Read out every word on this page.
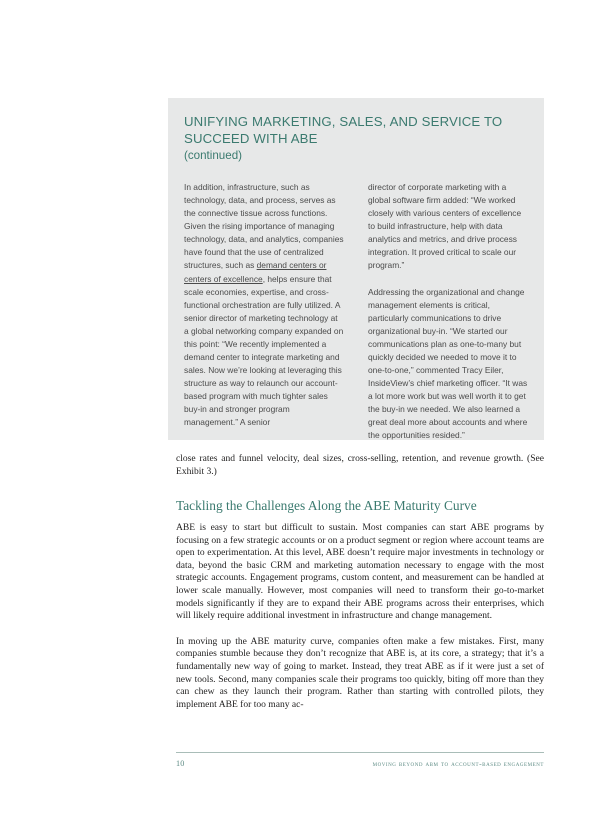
UNIFYING MARKETING, SALES, AND SERVICE TO SUCCEED WITH ABE
(continued)

In addition, infrastructure, such as technology, data, and process, serves as the connective tissue across functions. Given the rising importance of managing technology, data, and analytics, companies have found that the use of centralized structures, such as demand centers or centers of excellence, helps ensure that scale economies, expertise, and cross-functional orchestration are fully utilized. A senior director of marketing technology at a global networking company expanded on this point: “We recently implemented a demand center to integrate marketing and sales. Now we’re looking at leveraging this structure as way to relaunch our account-based program with much tighter sales buy-in and stronger program management.” A senior

director of corporate marketing with a global software firm added: “We worked closely with various centers of excellence to build infrastructure, help with data analytics and metrics, and drive process integration. It proved critical to scale our program.”

Addressing the organizational and change management elements is critical, particularly communications to drive organizational buy-in. “We started our communications plan as one-to-many but quickly decided we needed to move it to one-to-one,” commented Tracy Eiler, InsideView’s chief marketing officer. “It was a lot more work but was well worth it to get the buy-in we needed. We also learned a great deal more about accounts and where the opportunities resided.”

close rates and funnel velocity, deal sizes, cross-selling, retention, and revenue growth. (See Exhibit 3.)

Tackling the Challenges Along the ABE Maturity Curve

ABE is easy to start but difficult to sustain. Most companies can start ABE programs by focusing on a few strategic accounts or on a product segment or region where account teams are open to experimentation. At this level, ABE doesn’t require major investments in technology or data, beyond the basic CRM and marketing automation necessary to engage with the most strategic accounts. Engagement programs, custom content, and measurement can be handled at lower scale manually. However, most companies will need to transform their go-to-market models significantly if they are to expand their ABE programs across their enterprises, which will likely require additional investment in infrastructure and change management.

In moving up the ABE maturity curve, companies often make a few mistakes. First, many companies stumble because they don’t recognize that ABE is, at its core, a strategy; that it’s a fundamentally new way of going to market. Instead, they treat ABE as if it were just a set of new tools. Second, many companies scale their programs too quickly, biting off more than they can chew as they launch their program. Rather than starting with controlled pilots, they implement ABE for too many ac-

10	moving beyond abm to account-based engagement
